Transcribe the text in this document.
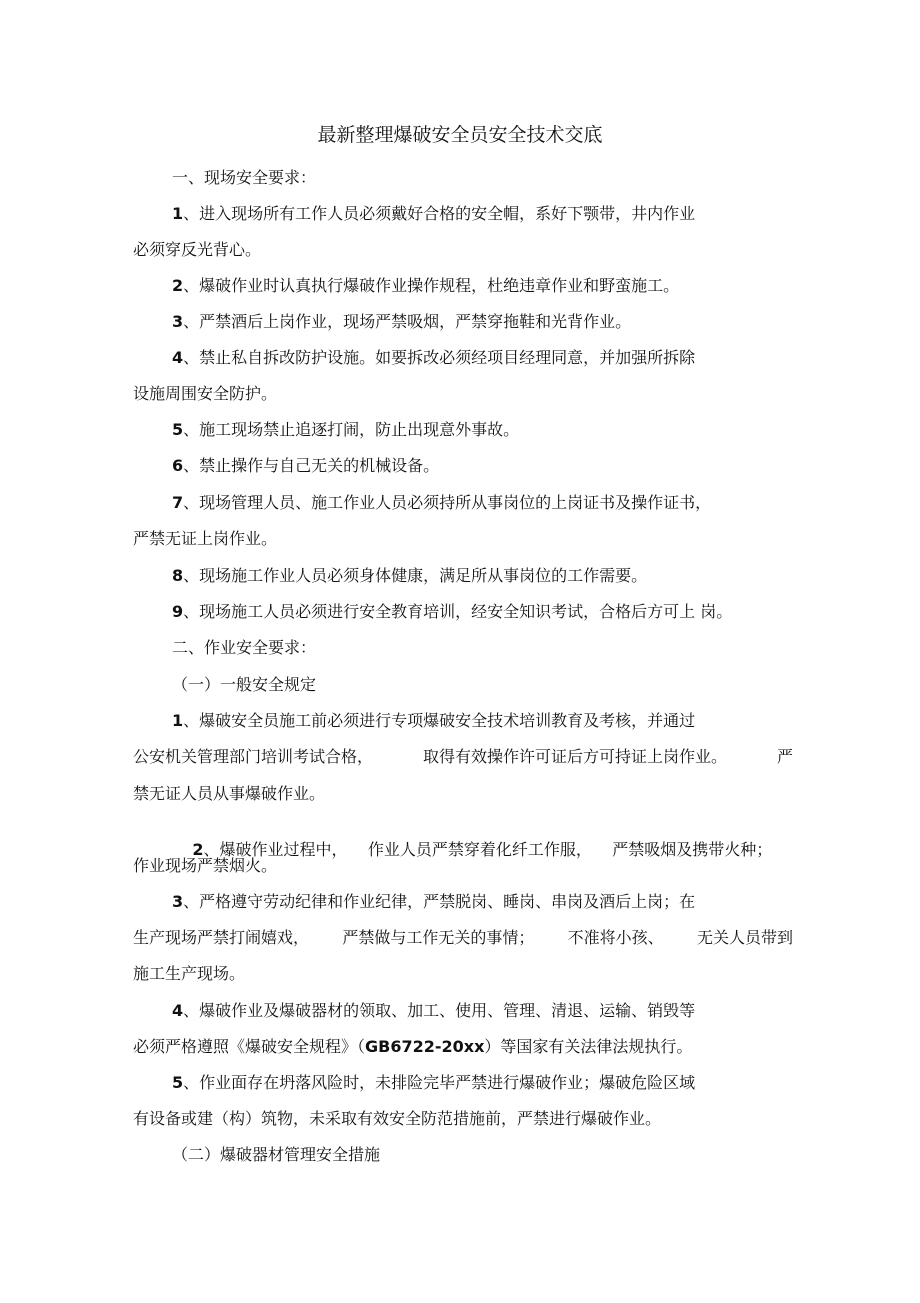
最新整理爆破安全员安全技术交底
一、现场安全要求：
1、进入现场所有工作人员必须戴好合格的安全帽，系好下颚带，井内作业
必须穿反光背心。
2、爆破作业时认真执行爆破作业操作规程，杜绝违章作业和野蛮施工。
3、严禁酒后上岗作业，现场严禁吸烟，严禁穿拖鞋和光背作业。
4、禁止私自拆改防护设施。如要拆改必须经项目经理同意，并加强所拆除
设施周围安全防护。
5、施工现场禁止追逐打闹，防止出现意外事故。
6、禁止操作与自己无关的机械设备。
7、现场管理人员、施工作业人员必须持所从事岗位的上岗证书及操作证书，
严禁无证上岗作业。
8、现场施工作业人员必须身体健康，满足所从事岗位的工作需要。
9、现场施工人员必须进行安全教育培训，经安全知识考试，合格后方可上 岗。
二、作业安全要求：
（一）一般安全规定
1、爆破安全员施工前必须进行专项爆破安全技术培训教育及考核，并通过
公安机关管理部门培训考试合格，	取得有效操作许可证后方可持证上岗作业。	严
禁无证人员从事爆破作业。

2、爆破作业过程中， 作业人员严禁穿着化纤工作服， 严禁吸烟及携带火种；

作业现场严禁烟火。
3、严格遵守劳动纪律和作业纪律，严禁脱岗、睡岗、串岗及酒后上岗；在
生产现场严禁打闹嬉戏， 严禁做与工作无关的事情； 不准将小孩、 无关人员带到
施工生产现场。
4、爆破作业及爆破器材的领取、加工、使用、管理、清退、运输、销毁等
必须严格遵照《爆破安全规程》（GB6722-20xx）等国家有关法律法规执行。
5、作业面存在坍落风险时，未排险完毕严禁进行爆破作业；爆破危险区域
有设备或建（构）筑物，未采取有效安全防范措施前，严禁进行爆破作业。
（二）爆破器材管理安全措施
